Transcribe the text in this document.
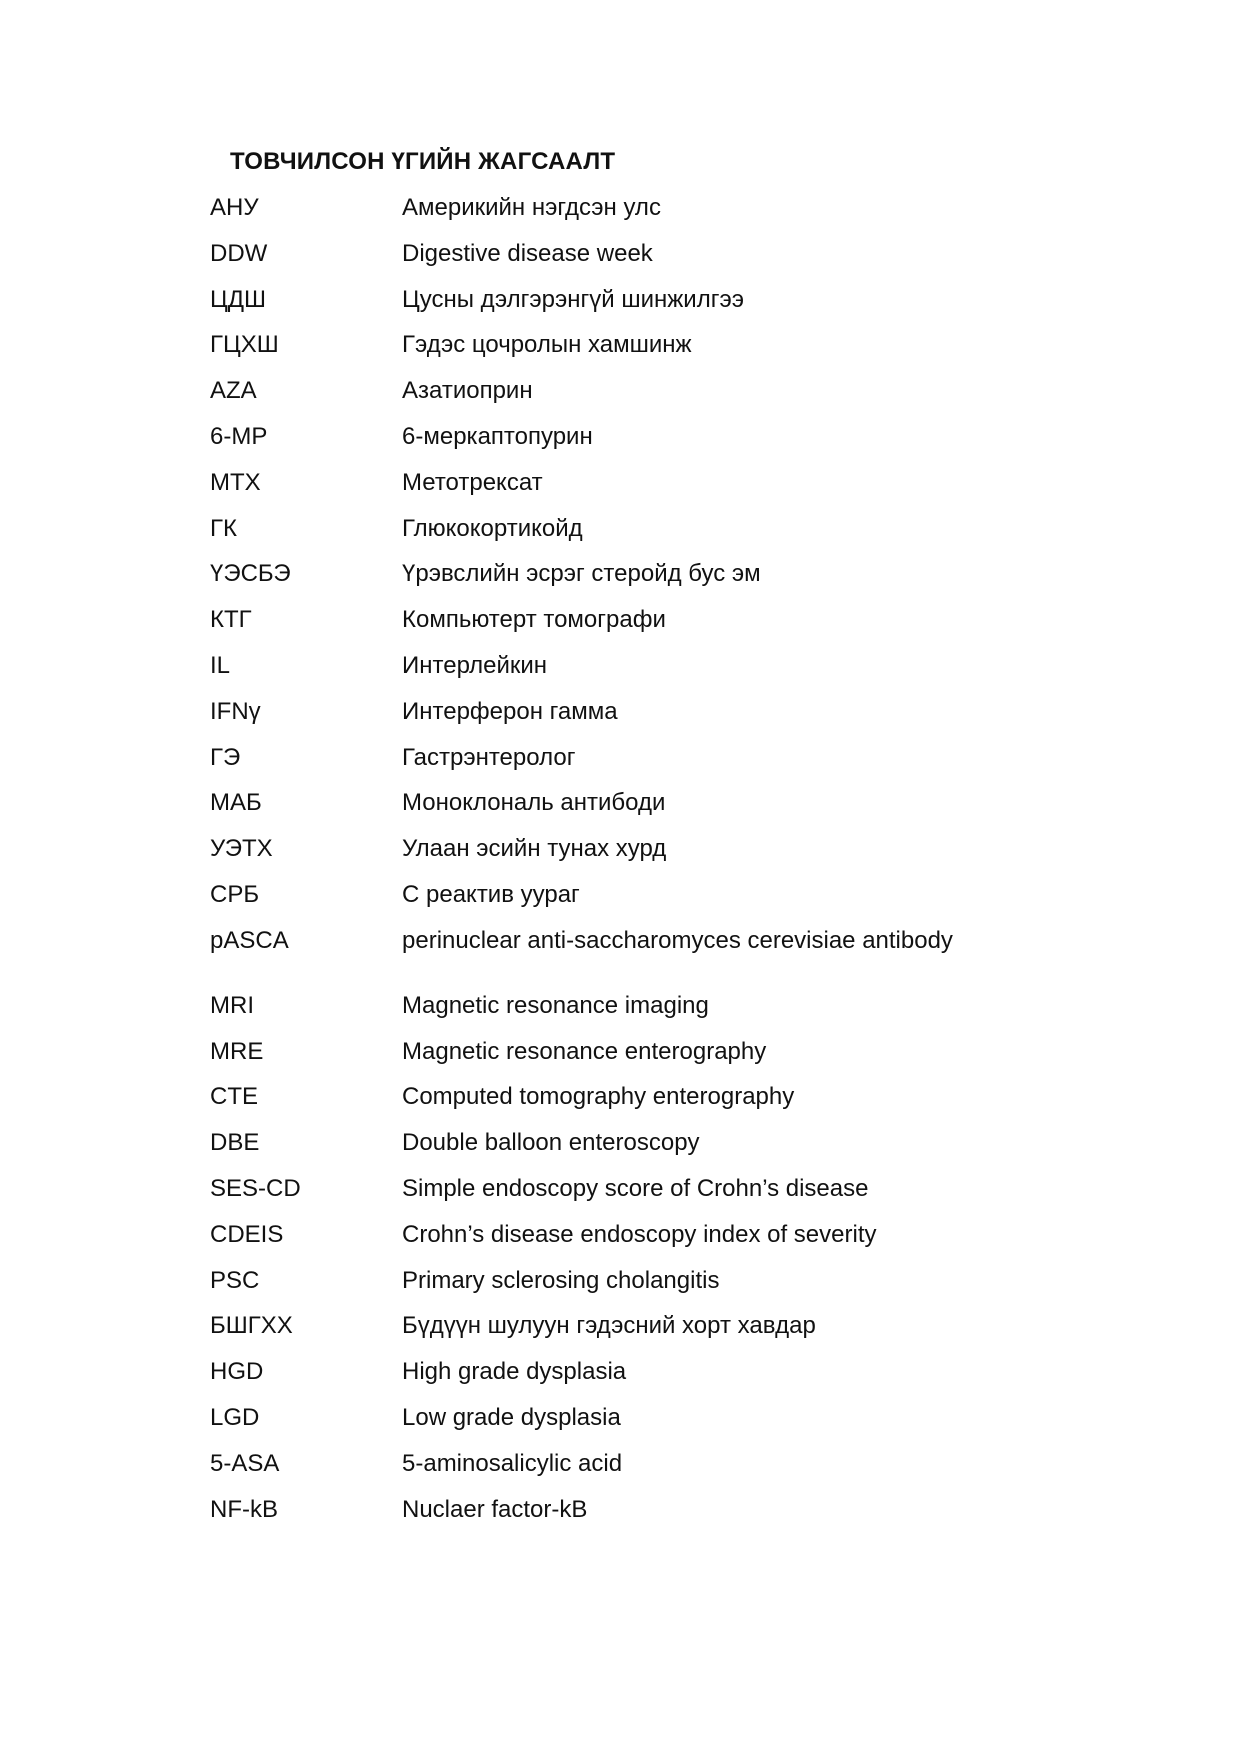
ТОВЧИЛСОН ҮГИЙН ЖАГСААЛТ
АНУ	Америкийн нэгдсэн улс
DDW	Digestive disease week
ЦДШ	Цусны дэлгэрэнгүй шинжилгээ
ГЦХШ	Гэдэс цочролын хамшинж
AZA	Азатиоприн
6-MP	6-меркаптопурин
MTX	Метотрексат
ГК	Глюкокортикойд
ҮЭСБЭ	Үрэвслийн эсрэг стеройд бус эм
КТГ	Компьютерт томографи
IL	Интерлейкин
IFNγ	Интерферон гамма
ГЭ	Гастрэнтеролог
МАБ	Моноклональ антибоди
УЭТХ	Улаан эсийн тунах хурд
СРБ	С реактив уураг
pASCA	perinuclear anti-saccharomyces cerevisiae antibody
MRI	Magnetic resonance imaging
MRE	Magnetic resonance enterography
CTE	Computed tomography enterography
DBE	Double balloon enteroscopy
SES-CD	Simple endoscopy score of Crohn’s disease
CDEIS	Crohn’s disease endoscopy index of severity
PSC	Primary sclerosing cholangitis
БШГХХ	Бүдүүн шулуун гэдэсний хорт хавдар
HGD	High grade dysplasia
LGD	Low grade dysplasia
5-ASA	5-aminosalicylic acid
NF-kB	Nuclaer factor-kB
